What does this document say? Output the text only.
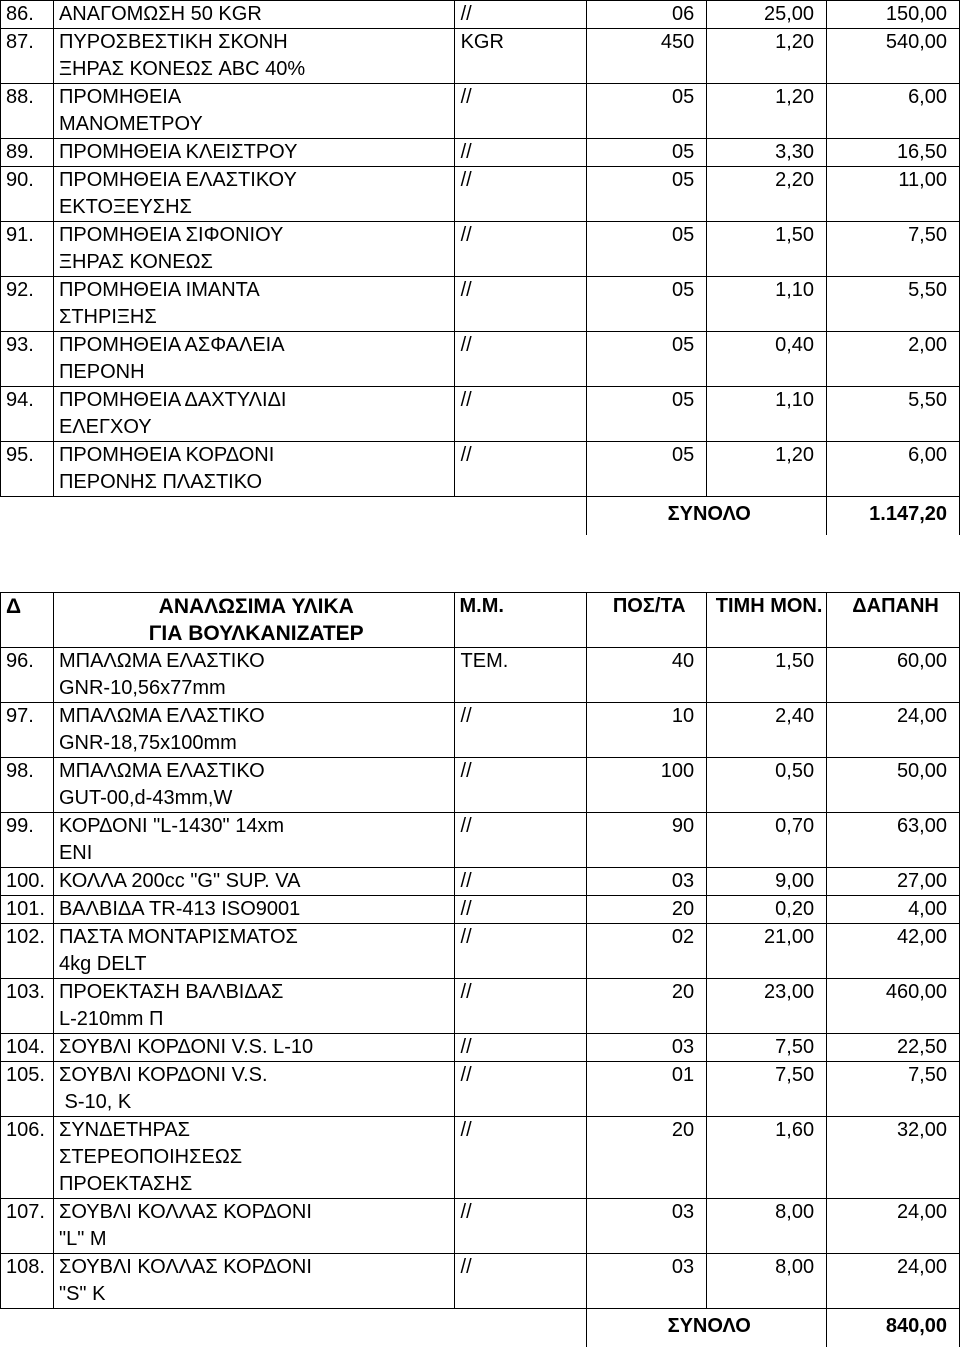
86.	ΑΝΑΓΟΜΩΣΗ 50 KGR	//	06	25,00	150,00
87.	ΠΥΡΟΣΒΕΣΤΙΚΗ ΣΚΟΝΗ
ΞΗΡΑΣ ΚΟΝΕΩΣ ABC 40%	KGR	450	1,20	540,00
88.	ΠΡΟΜΗΘΕΙΑ
ΜΑΝΟΜΕΤΡΟΥ	//	05	1,20	6,00
89.	ΠΡΟΜΗΘΕΙΑ ΚΛΕΙΣΤΡΟΥ	//	05	3,30	16,50
90.	ΠΡΟΜΗΘΕΙΑ ΕΛΑΣΤΙΚΟΥ
ΕΚΤΟΞΕΥΣΗΣ	//	05	2,20	11,00
91.	ΠΡΟΜΗΘΕΙΑ ΣΙΦΟΝΙΟΥ
ΞΗΡΑΣ ΚΟΝΕΩΣ	//	05	1,50	7,50
92.	ΠΡΟΜΗΘΕΙΑ ΙΜΑΝΤΑ
ΣΤΗΡΙΞΗΣ	//	05	1,10	5,50
93.	ΠΡΟΜΗΘΕΙΑ ΑΣΦΑΛΕΙΑ
ΠΕΡΟΝΗ	//	05	0,40	2,00
94.	ΠΡΟΜΗΘΕΙΑ ΔΑΧΤΥΛΙΔΙ
ΕΛΕΓΧΟΥ	//	05	1,10	5,50
95.	ΠΡΟΜΗΘΕΙΑ ΚΟΡΔΟΝΙ
ΠΕΡΟΝΗΣ ΠΛΑΣΤΙΚΟ	//	05	1,20	6,00
			ΣΥΝΟΛΟ		1.147,20
Δ	ΑΝΑΛΩΣΙΜΑ ΥΛΙΚΑ
ΓΙΑ ΒΟΥΛΚΑΝΙΖΑΤΕΡ	Μ.Μ.	ΠΟΣ/ΤΑ	ΤΙΜΗ ΜΟΝ.	ΔΑΠΑΝΗ
96.	ΜΠΑΛΩΜΑ ΕΛΑΣΤΙΚΟ
GNR-10,56x77mm	ΤΕΜ.	40	1,50	60,00
97.	ΜΠΑΛΩΜΑ ΕΛΑΣΤΙΚΟ
GNR-18,75x100mm	//	10	2,40	24,00
98.	ΜΠΑΛΩΜΑ ΕΛΑΣΤΙΚΟ
GUT-00,d-43mm,W	//	100	0,50	50,00
99.	ΚΟΡΔΟΝΙ "L-1430" 14xm
ENI	//	90	0,70	63,00
100.	ΚΟΛΛΑ 200cc "G" SUP. VA	//	03	9,00	27,00
101.	ΒΑΛΒΙΔΑ TR-413 ISO9001	//	20	0,20	4,00
102.	ΠΑΣΤΑ ΜΟΝΤΑΡΙΣΜΑΤΟΣ
4kg DELT	//	02	21,00	42,00
103.	ΠΡΟΕΚΤΑΣΗ ΒΑΛΒΙΔΑΣ
L-210mm Π	//	20	23,00	460,00
104.	ΣΟΥΒΛΙ ΚΟΡΔΟΝΙ V.S. L-10	//	03	7,50	22,50
105.	ΣΟΥΒΛΙ ΚΟΡΔΟΝΙ V.S.
S-10, K	//	01	7,50	7,50
106.	ΣΥΝΔΕΤΗΡΑΣ
ΣΤΕΡΕΟΠΟΙΗΣΕΩΣ
ΠΡΟΕΚΤΑΣΗΣ	//	20	1,60	32,00
107.	ΣΟΥΒΛΙ ΚΟΛΛΑΣ ΚΟΡΔΟΝΙ
"L" M	//	03	8,00	24,00
108.	ΣΟΥΒΛΙ ΚΟΛΛΑΣ ΚΟΡΔΟΝΙ
"S" K	//	03	8,00	24,00
			ΣΥΝΟΛΟ		840,00
